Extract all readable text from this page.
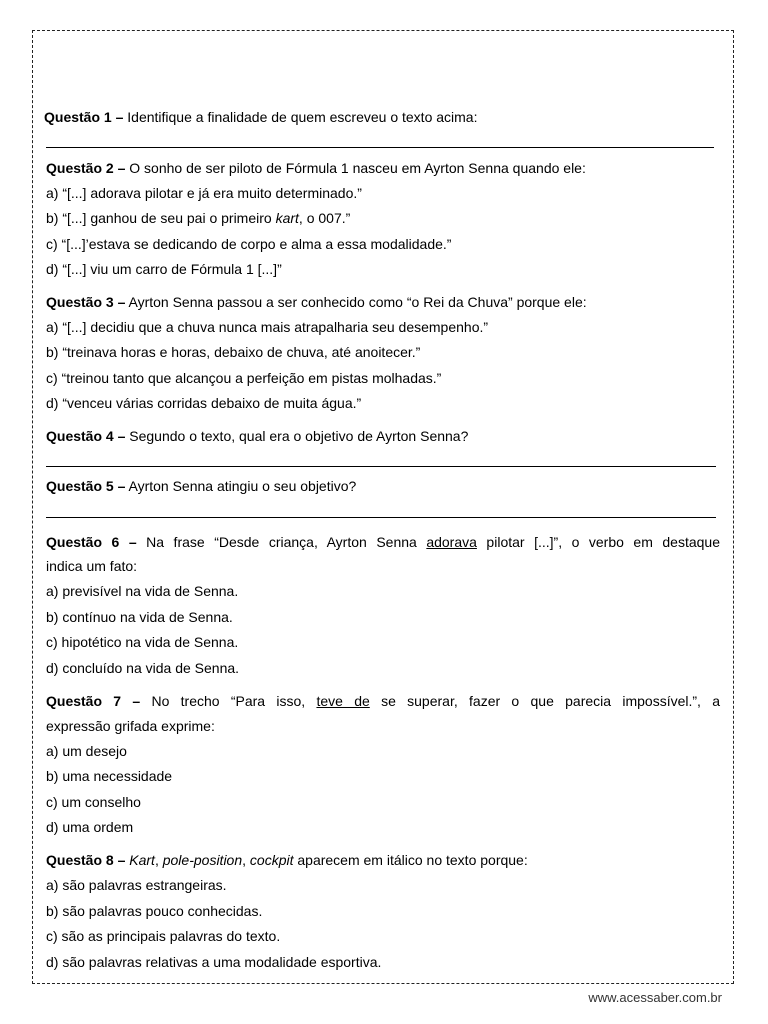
Questão 1 – Identifique a finalidade de quem escreveu o texto acima:
Questão 2 – O sonho de ser piloto de Fórmula 1 nasceu em Ayrton Senna quando ele:
a) “[...] adorava pilotar e já era muito determinado.”
b) “[...] ganhou de seu pai o primeiro kart, o 007.”
c) “[...]’estava se dedicando de corpo e alma a essa modalidade.”
d) “[...] viu um carro de Fórmula 1 [...]”
Questão 3 – Ayrton Senna passou a ser conhecido como “o Rei da Chuva” porque ele:
a) “[...] decidiu que a chuva nunca mais atrapalharia seu desempenho.”
b) “treinava horas e horas, debaixo de chuva, até anoitecer.”
c) “treinou tanto que alcançou a perfeição em pistas molhadas.”
d) “venceu várias corridas debaixo de muita água.”
Questão 4 – Segundo o texto, qual era o objetivo de Ayrton Senna?
Questão 5 – Ayrton Senna atingiu o seu objetivo?
Questão 6 – Na frase “Desde criança, Ayrton Senna adorava pilotar [...]”, o verbo em destaque
indica um fato:
a) previsível na vida de Senna.
b) contínuo na vida de Senna.
c) hipotético na vida de Senna.
d) concluído na vida de Senna.
Questão 7 – No trecho “Para isso, teve de se superar, fazer o que parecia impossível.”, a
expressão grifada exprime:
a) um desejo
b) uma necessidade
c) um conselho
d) uma ordem
Questão 8 – Kart, pole-position, cockpit aparecem em itálico no texto porque:
a) são palavras estrangeiras.
b) são palavras pouco conhecidas.
c) são as principais palavras do texto.
d) são palavras relativas a uma modalidade esportiva.
www.acessaber.com.br
